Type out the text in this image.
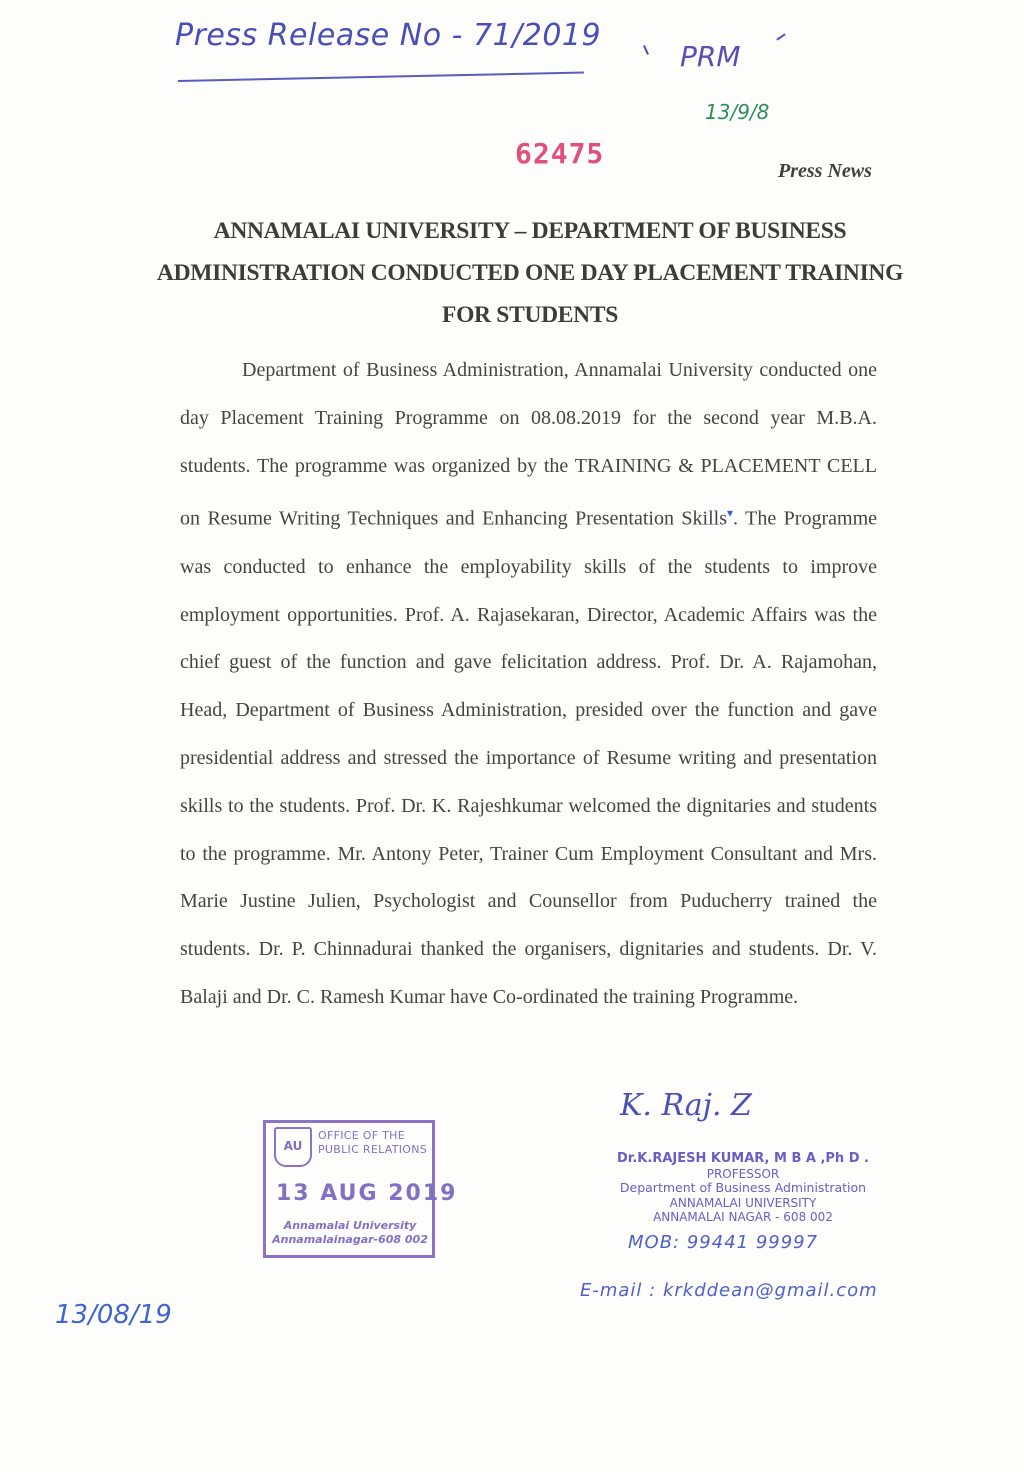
Press Release No - 71/2019
PRM
13/9/8
62475
Press News
ANNAMALAI UNIVERSITY – DEPARTMENT OF BUSINESS ADMINISTRATION CONDUCTED ONE DAY PLACEMENT TRAINING FOR STUDENTS
Department of Business Administration, Annamalai University conducted one day Placement Training Programme on 08.08.2019 for the second year M.B.A. students. The programme was organized by the TRAINING & PLACEMENT CELL on Resume Writing Techniques and Enhancing Presentation Skills▾. The Programme was conducted to enhance the employability skills of the students to improve employment opportunities. Prof. A. Rajasekaran, Director, Academic Affairs was the chief guest of the function and gave felicitation address. Prof. Dr. A. Rajamohan, Head, Department of Business Administration, presided over the function and gave presidential address and stressed the importance of Resume writing and presentation skills to the students. Prof. Dr. K. Rajeshkumar welcomed the dignitaries and students to the programme. Mr. Antony Peter, Trainer Cum Employment Consultant and Mrs. Marie Justine Julien, Psychologist and Counsellor from Puducherry trained the students. Dr. P. Chinnadurai thanked the organisers, dignitaries and students. Dr. V. Balaji and Dr. C. Ramesh Kumar have Co-ordinated the training Programme.
AU
OFFICE OF THE
PUBLIC RELATIONS
13 AUG 2019
Annamalai University
Annamalainagar-608 002
K. Raj. Z
Dr.K.RAJESH KUMAR, M B A ,Ph D .
PROFESSOR
Department of Business Administration
ANNAMALAI UNIVERSITY
ANNAMALAI NAGAR - 608 002
MOB: 99441 99997
E-mail : krkddean@gmail.com
13/08/19
